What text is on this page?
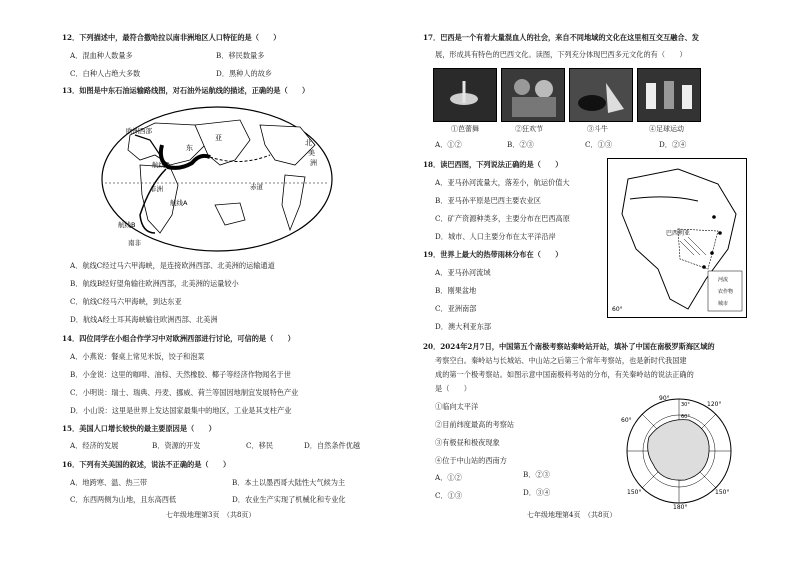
12．下列描述中，最符合撒哈拉以南非洲地区人口特征的是（　　）
A．混血种人数量多	B．移民数量多
C．白种人占绝大多数	D．黑种人的故乡
13．如图是中东石油运输路线图，对石油外运航线的描述，正确的是（　　）
欧洲西部
航线C
亚
东
非洲
航线A
赤道
航线B
南非
北
美
洲
A．航线C经过马六甲海峡，是连接欧洲西部、北美洲的运输通道
B．航线B经好望角输往欧洲西部，北美洲的运量较小
C．航线C经马六甲海峡，到达东亚
D．航线A经土耳其海峡输往欧洲西部、北美洲
14．四位同学在小组合作学习中对欧洲西部进行讨论，可信的是（　　）
A．小燕说：餐桌上常见米饭，饺子和泡菜
B．小金说：这里的咖啡、油棕、天然橡胶、椰子等经济作物闻名于世
C．小明说：瑞士、瑞典、丹麦、挪威、荷兰等国因地制宜发展特色产业
D．小山说：这里是世界上发达国家最集中的地区，工业是其支柱产业
15．美国人口增长较快的最主要原因是（　　）
A．经济的发展	B．资源的开发	C．移民	D．自然条件优越
16．下列有关美国的叙述，说法不正确的是（　　）
A．地跨寒、温、热三带	B．本土以墨西哥大陆性大气候为主
C．东西两侧为山地，且东高西低	D．农业生产实现了机械化和专业化
七年级地理第3页　（共8页）
17．巴西是一个有着大量混血人的社会，来自不同地域的文化在这里相互交互融合、发
展，形成具有特色的巴西文化。读图，下列充分体现巴西多元文化的有（　　）
①芭蕾舞	②狂欢节	③斗牛	④足球运动
A．①②	B．②③	C．①③	D．②④
18．读巴西图，下列说法正确的是（　　）
A．亚马孙河流量大，落差小，航运价值大
B．亚马孙平原是巴西主要农业区
C．矿产资源种类多，主要分布在巴西高原
D．城市、人口主要分布在太平洋沿岸	巴西利亚
60°
河流
农作物
城市
19．世界上最大的热带雨林分布在（　　）
A．亚马孙河流域
B．刚果盆地
C．亚洲南部
D．澳大利亚东部
20．2024年2月7日，中国第五个南极考察站秦岭站开站，填补了中国在南极罗斯海区域的
考察空白。秦岭站与长城站、中山站之后第三个常年考察站，也是新时代我国建
成的第一个极考察站。如图示意中国南极科考站的分布，有关秦岭站的说法正确的
是（　　）
①临向太平洋
②目前纬度最高的考察站
③有极昼和极夜现象
④位于中山站的西南方
A．①②	B．②③
C．①③	D．③④
90°
120°
60°
150°
180°
150°
30°
60°
七年级地理第4页　（共8页）
